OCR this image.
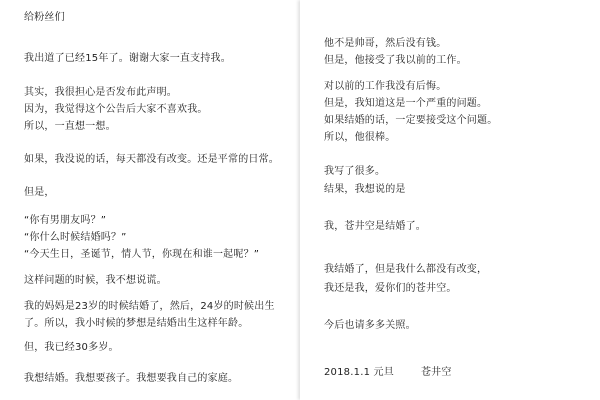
给粉丝们
我出道了已经15年了。谢谢大家一直支持我。
其实，我很担心是否发布此声明。
因为，我觉得这个公告后大家不喜欢我。
所以，一直想一想。
如果，我没说的话，每天都没有改变。还是平常的日常。
但是，
“你有男朋友吗？”
“你什么时候结婚吗？”
“今天生日，圣诞节，情人节，你现在和谁一起呢？”
这样问题的时候，我不想说谎。
我的妈妈是23岁的时候结婚了，然后，24岁的时候出生
了。所以，我小时候的梦想是结婚出生这样年龄。
但，我已经30多岁。
我想结婚。我想要孩子。我想要我自己的家庭。
他不是帅哥，然后没有钱。
但是，他接受了我以前的工作。
对以前的工作我没有后悔。
但是，我知道这是一个严重的问题。
如果结婚的话，一定要接受这个问题。
所以，他很棒。
我写了很多。
结果，我想说的是
我，苍井空是结婚了。
我结婚了，但是我什么都没有改变，
我还是我，爱你们的苍井空。
今后也请多多关照。
2018.1.1 元旦        苍井空
